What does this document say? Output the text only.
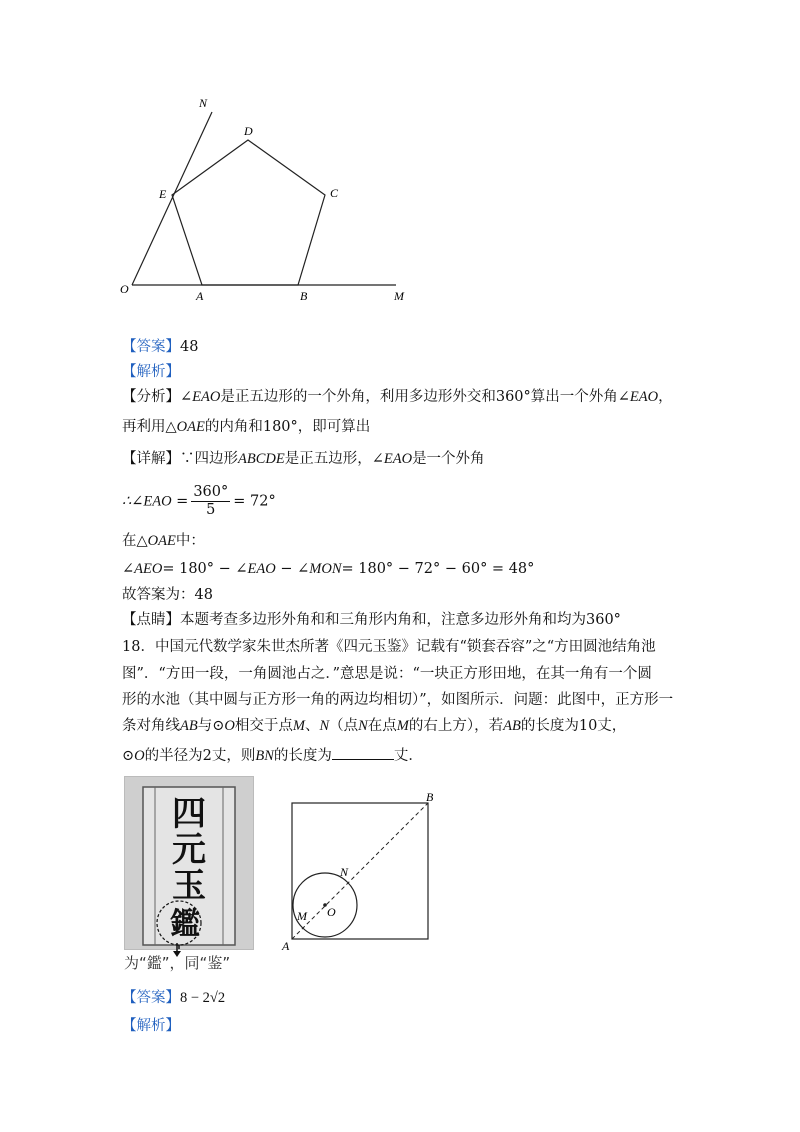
N
D
E	C
O	A	B	M
【答案】48
【解析】
【分析】∠EAO是正五边形的一个外角，利用多边形外交和360°算出一个外角∠EAO，
再利用△OAE的内角和180°，即可算出
【详解】∵四边形ABCDE是正五边形，∠EAO是一个外角
∴∠EAO = $\frac{360^\circ}{5} = 72^\circ$
在△OAE中：
∠AEO= 180° − ∠EAO − ∠MON= 180° − 72° − 60° = 48°
故答案为：48
【点睛】本题考查多边形外角和和三角形内角和，注意多边形外角和均为360°
18．中国元代数学家朱世杰所著《四元玉鉴》记载有“锁套吞容”之“方田圆池结角池
图”．“方田一段，一角圆池占之．”意思是说：“一块正方形田地，在其一角有一个圆
形的水池（其中圆与正方形一角的两边均相切）”，如图所示．问题：此图中，正方形一
条对角线AB与⊙O相交于点M、N（点N在点M的右上方），若AB的长度为10丈，
⊙O的半径为2丈，则BN的长度为	丈．
四
元
玉
鑑
为“鑑”，同“鉴”
B
N
M O
A
【答案】8 − 2√2
【解析】
